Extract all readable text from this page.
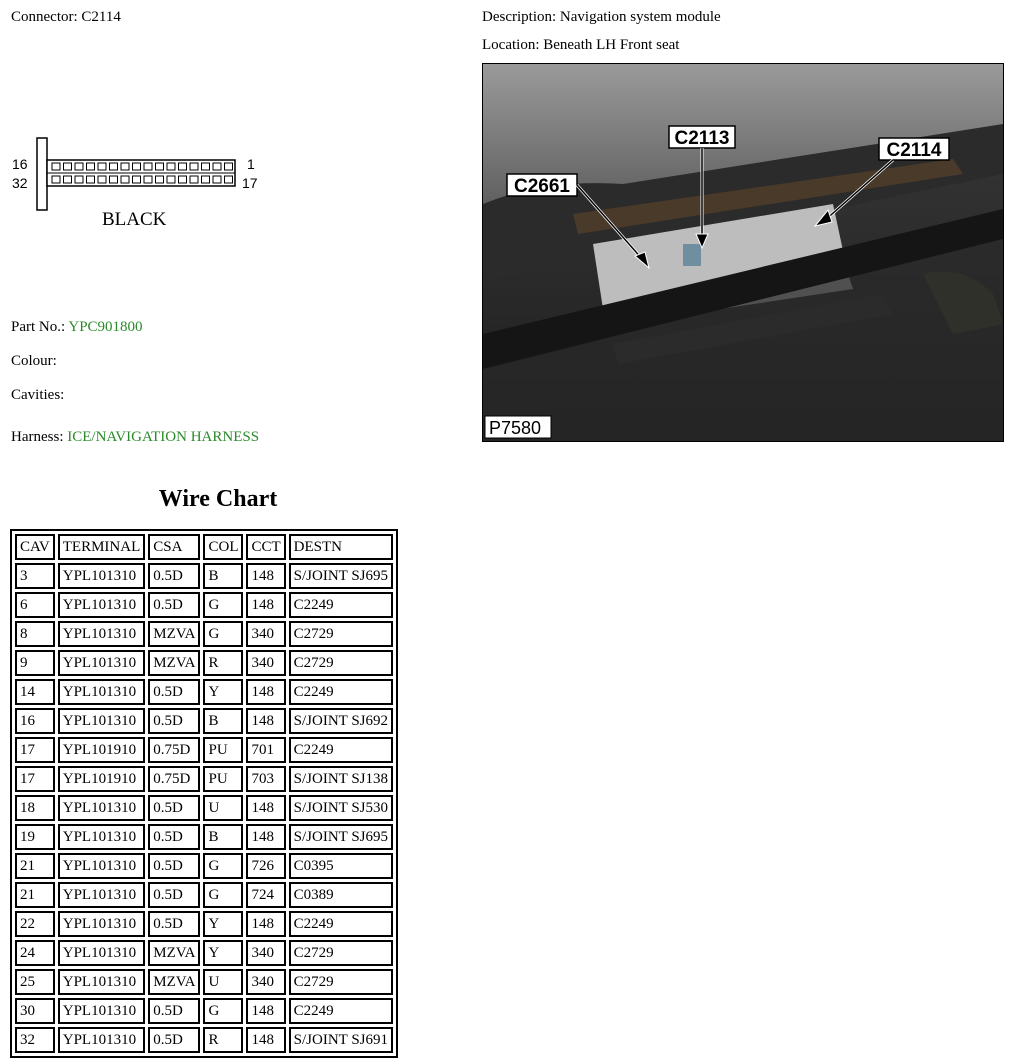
Connector: C2114
16
32
1
17
BLACK
Part No.: YPC901800
Colour:
Cavities:
Harness: ICE/NAVIGATION HARNESS
Description: Navigation system module
Location: Beneath LH Front seat
C2113
C2114
C2661
P7580
Wire Chart
CAV	TERMINAL	CSA	COL	CCT	DESTN
3	YPL101310	0.5D	B	148	S/JOINT SJ695
6	YPL101310	0.5D	G	148	C2249
8	YPL101310	MZVA	G	340	C2729
9	YPL101310	MZVA	R	340	C2729
14	YPL101310	0.5D	Y	148	C2249
16	YPL101310	0.5D	B	148	S/JOINT SJ692
17	YPL101910	0.75D	PU	701	C2249
17	YPL101910	0.75D	PU	703	S/JOINT SJ138
18	YPL101310	0.5D	U	148	S/JOINT SJ530
19	YPL101310	0.5D	B	148	S/JOINT SJ695
21	YPL101310	0.5D	G	726	C0395
21	YPL101310	0.5D	G	724	C0389
22	YPL101310	0.5D	Y	148	C2249
24	YPL101310	MZVA	Y	340	C2729
25	YPL101310	MZVA	U	340	C2729
30	YPL101310	0.5D	G	148	C2249
32	YPL101310	0.5D	R	148	S/JOINT SJ691
